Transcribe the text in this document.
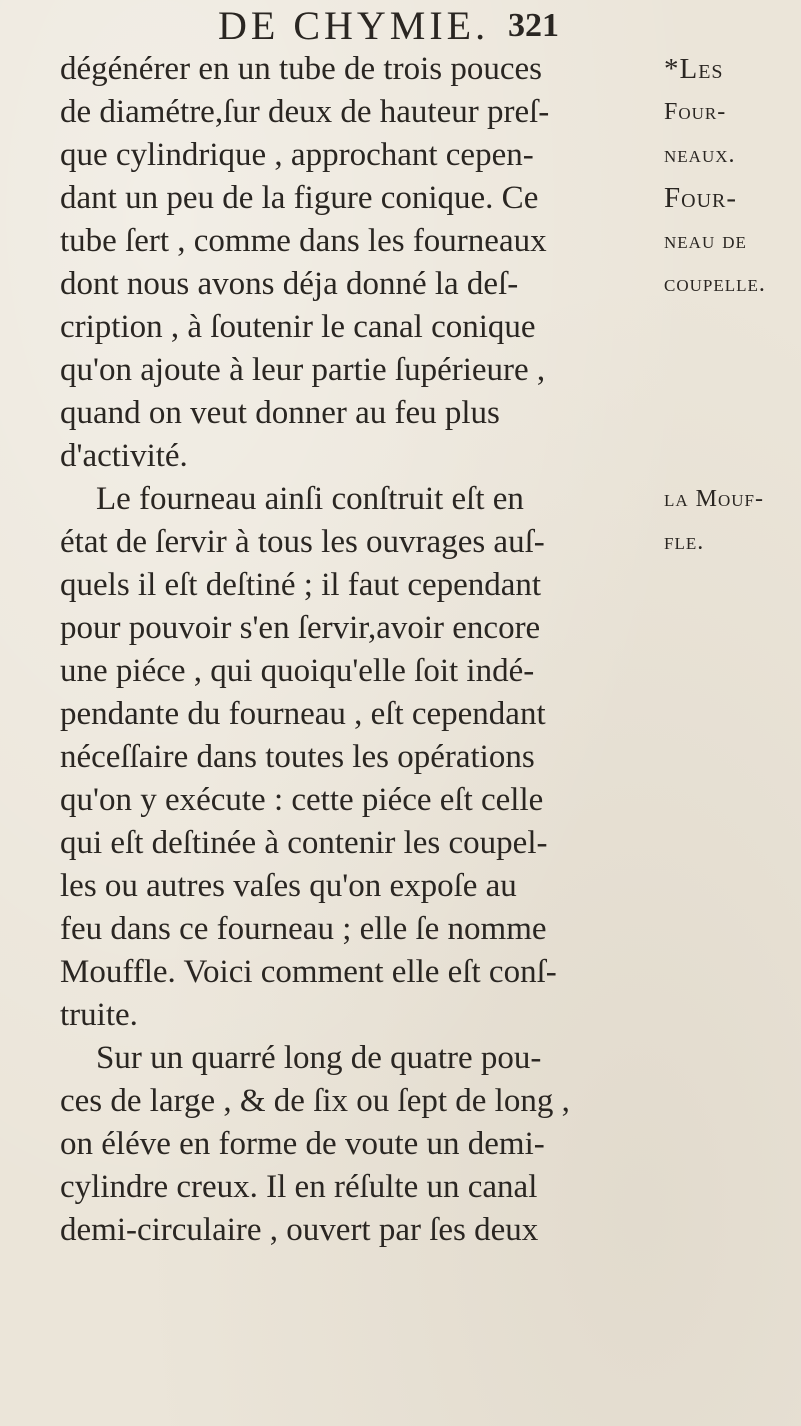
DE CHYMIE. 321
dégénérer en un tube de trois pouces
de diamétre,ſur deux de hauteur preſ-
que cylindrique , approchant cepen-
dant un peu de la figure conique. Ce
tube ſert , comme dans les fourneaux
dont nous avons déja donné la deſ-
cription , à ſoutenir le canal conique
qu'on ajoute à leur partie ſupérieure ,
quand on veut donner au feu plus
d'activité.
Le fourneau ainſi conſtruit eſt en
état de ſervir à tous les ouvrages auſ-
quels il eſt deſtiné ; il faut cependant
pour pouvoir s'en ſervir,avoir encore
une piéce , qui quoiqu'elle ſoit indé-
pendante du fourneau , eſt cependant
néceſſaire dans toutes les opérations
qu'on y exécute : cette piéce eſt celle
qui eſt deſtinée à contenir les coupel-
les ou autres vaſes qu'on expoſe au
feu dans ce fourneau ; elle ſe nomme
Mouffle. Voici comment elle eſt conſ-
truite.
Sur un quarré long de quatre pou-
ces de large , & de ſix ou ſept de long ,
on éléve en forme de voute un demi-
cylindre creux. Il en réſulte un canal
demi-circulaire , ouvert par ſes deux
*Les
Four-
neaux.
Four-
neau de
coupelle.
la Mouf-
fle.
